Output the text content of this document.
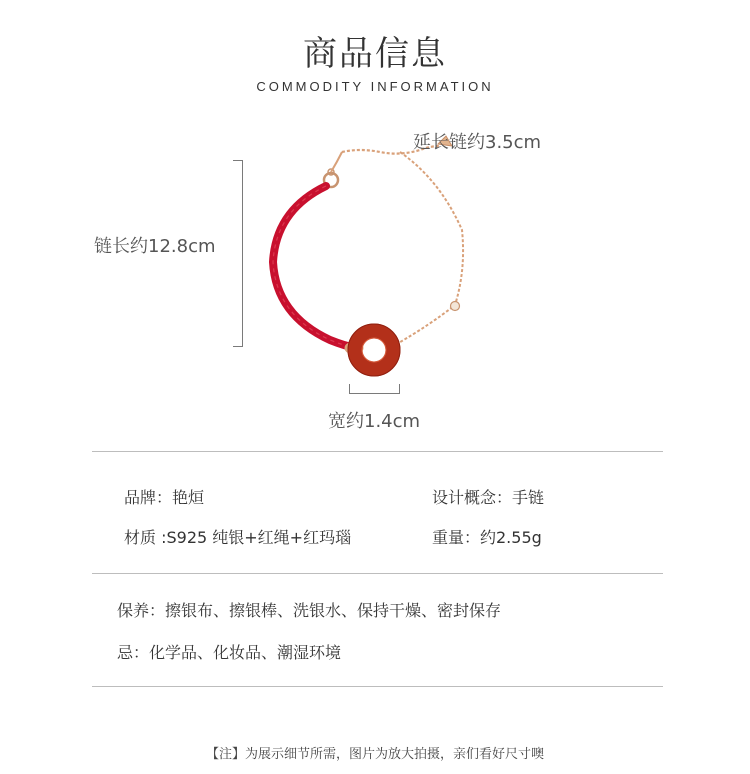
商品信息
COMMODITY INFORMATION
延长链约3.5cm
链长约12.8cm
宽约1.4cm
品牌：艳烜	设计概念：手链
材质 :S925 纯银+红绳+红玛瑙	重量：约2.55g
保养：擦银布、擦银棒、洗银水、保持干燥、密封保存
忌：化学品、化妆品、潮湿环境
【注】为展示细节所需，图片为放大拍摄，亲们看好尺寸噢
